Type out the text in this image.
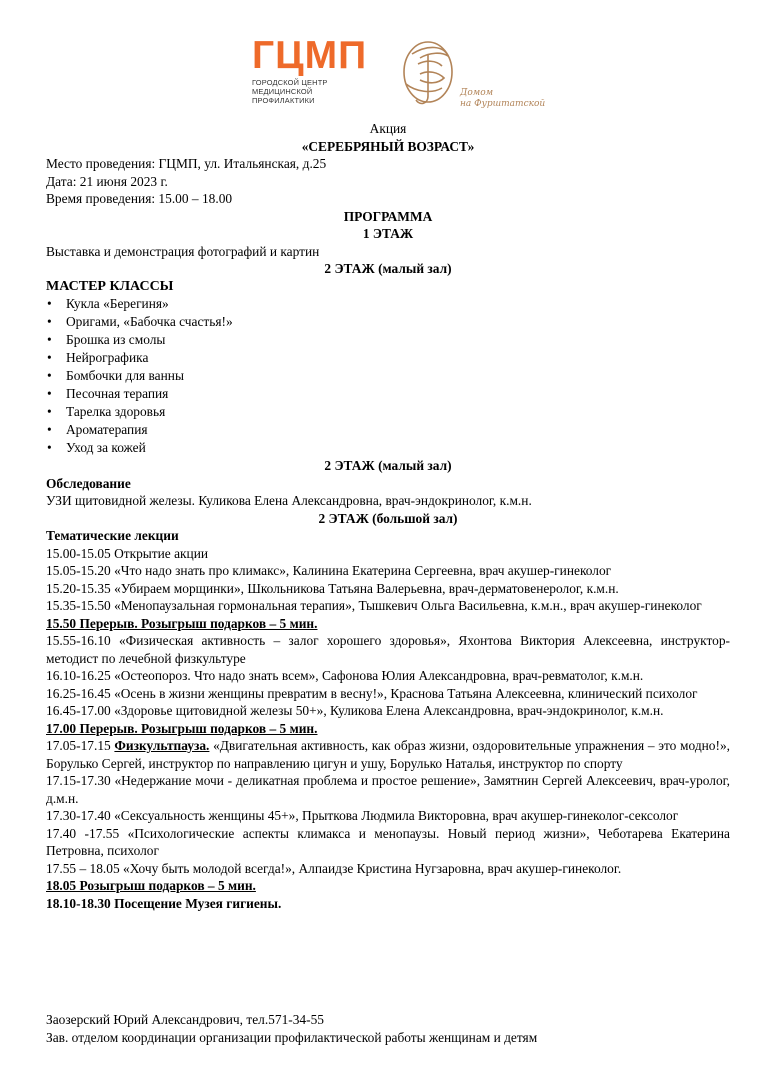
ГЦМП
ГОРОДСКОЙ ЦЕНТР
МЕДИЦИНСКОЙ
ПРОФИЛАКТИКИ
Домом
на Фурштатской
Акция
«СЕРЕБРЯНЫЙ ВОЗРАСТ»
Место проведения: ГЦМП, ул. Итальянская, д.25
Дата: 21 июня 2023 г.
Время проведения: 15.00 – 18.00
ПРОГРАММА
1 ЭТАЖ
Выставка и демонстрация фотографий и картин
2 ЭТАЖ (малый зал)
МАСТЕР КЛАССЫ
• Кукла «Берегиня»
• Оригами, «Бабочка счастья!»
• Брошка из смолы
• Нейрографика
• Бомбочки для ванны
• Песочная терапия
• Тарелка здоровья
• Ароматерапия
• Уход за кожей
2 ЭТАЖ (малый зал)
Обследование
УЗИ щитовидной железы. Куликова Елена Александровна, врач-эндокринолог, к.м.н.
2 ЭТАЖ (большой зал)
Тематические лекции
15.00-15.05 Открытие акции
15.05-15.20 «Что надо знать про климакс», Калинина Екатерина Сергеевна, врач акушер-гинеколог
15.20-15.35 «Убираем морщинки», Школьникова Татьяна Валерьевна, врач-дерматовенеролог, к.м.н.
15.35-15.50 «Менопаузальная гормональная терапия», Тышкевич Ольга Васильевна, к.м.н., врач акушер-гинеколог
15.50 Перерыв. Розыгрыш подарков – 5 мин.
15.55-16.10 «Физическая активность – залог хорошего здоровья», Яхонтова Виктория Алексеевна, инструктор-методист по лечебной физкультуре
16.10-16.25 «Остеопороз. Что надо знать всем», Сафонова Юлия Александровна, врач-ревматолог, к.м.н.
16.25-16.45 «Осень в жизни женщины превратим в весну!», Краснова Татьяна Алексеевна, клинический психолог
16.45-17.00 «Здоровье щитовидной железы 50+», Куликова Елена Александровна, врач-эндокринолог, к.м.н.
17.00 Перерыв. Розыгрыш подарков – 5 мин.
17.05-17.15 Физкультпауза. «Двигательная активность, как образ жизни, оздоровительные упражнения – это модно!», Борулько Сергей, инструктор по направлению цигун и ушу, Борулько Наталья, инструктор по спорту
17.15-17.30 «Недержание мочи - деликатная проблема и простое решение», Замятнин Сергей Алексеевич, врач-уролог, д.м.н.
17.30-17.40 «Сексуальность женщины 45+», Прыткова Людмила Викторовна, врач акушер-гинеколог-сексолог
17.40 -17.55 «Психологические аспекты климакса и менопаузы. Новый период жизни», Чеботарева Екатерина Петровна, психолог
17.55 – 18.05 «Хочу быть молодой всегда!», Алпаидзе Кристина Нугзаровна, врач акушер-гинеколог.
18.05 Розыгрыш подарков – 5 мин.
18.10-18.30 Посещение Музея гигиены.
Заозерский Юрий Александрович, тел.571-34-55
Зав. отделом координации организации профилактической работы женщинам и детям
